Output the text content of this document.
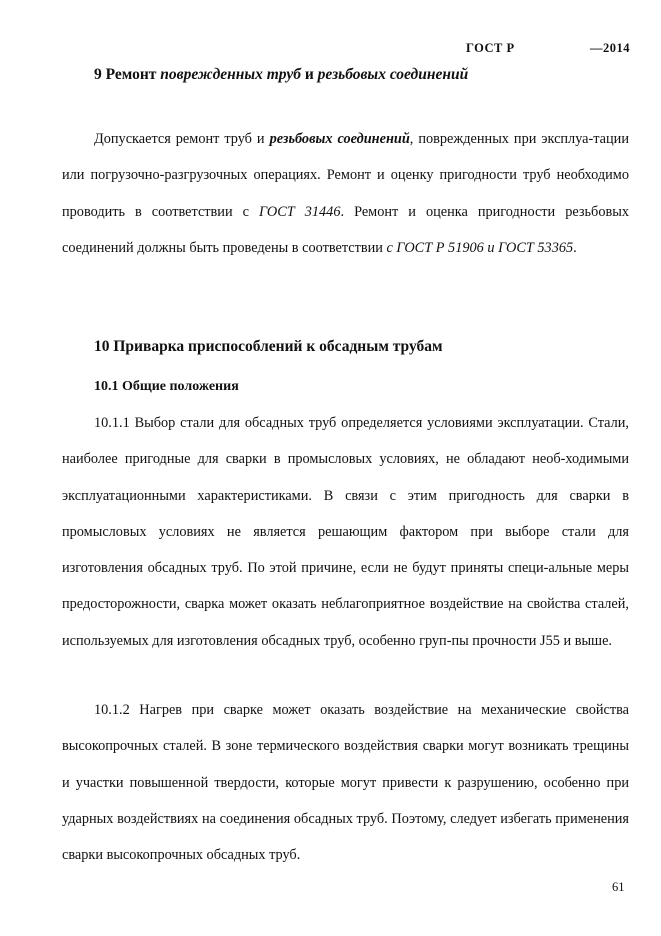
ГОСТ Р	—2014
9 Ремонт поврежденных труб и резьбовых соединений

Допускается ремонт труб и резьбовых соединений, поврежденных при эксплуа-тации или погрузочно-разгрузочных операциях. Ремонт и оценку пригодности труб необходимо проводить в соответствии с ГОСТ 31446. Ремонт и оценка пригодности резьбовых соединений должны быть проведены в соответствии с ГОСТ Р 51906 и ГОСТ 53365.

10 Приварка приспособлений к обсадным трубам
10.1 Общие положения

10.1.1 Выбор стали для обсадных труб определяется условиями эксплуатации. Стали, наиболее пригодные для сварки в промысловых условиях, не обладают необ-ходимыми эксплуатационными характеристиками. В связи с этим пригодность для сварки в промысловых условиях не является решающим фактором при выборе стали для изготовления обсадных труб. По этой причине, если не будут приняты специ-альные меры предосторожности, сварка может оказать неблагоприятное воздействие на свойства сталей, используемых для изготовления обсадных труб, особенно груп-пы прочности J55 и выше.

10.1.2 Нагрев при сварке может оказать воздействие на механические свойства высокопрочных сталей. В зоне термического воздействия сварки могут возникать трещины и участки повышенной твердости, которые могут привести к разрушению, особенно при ударных воздействиях на соединения обсадных труб. Поэтому, следует избегать применения сварки высокопрочных обсадных труб.

61
